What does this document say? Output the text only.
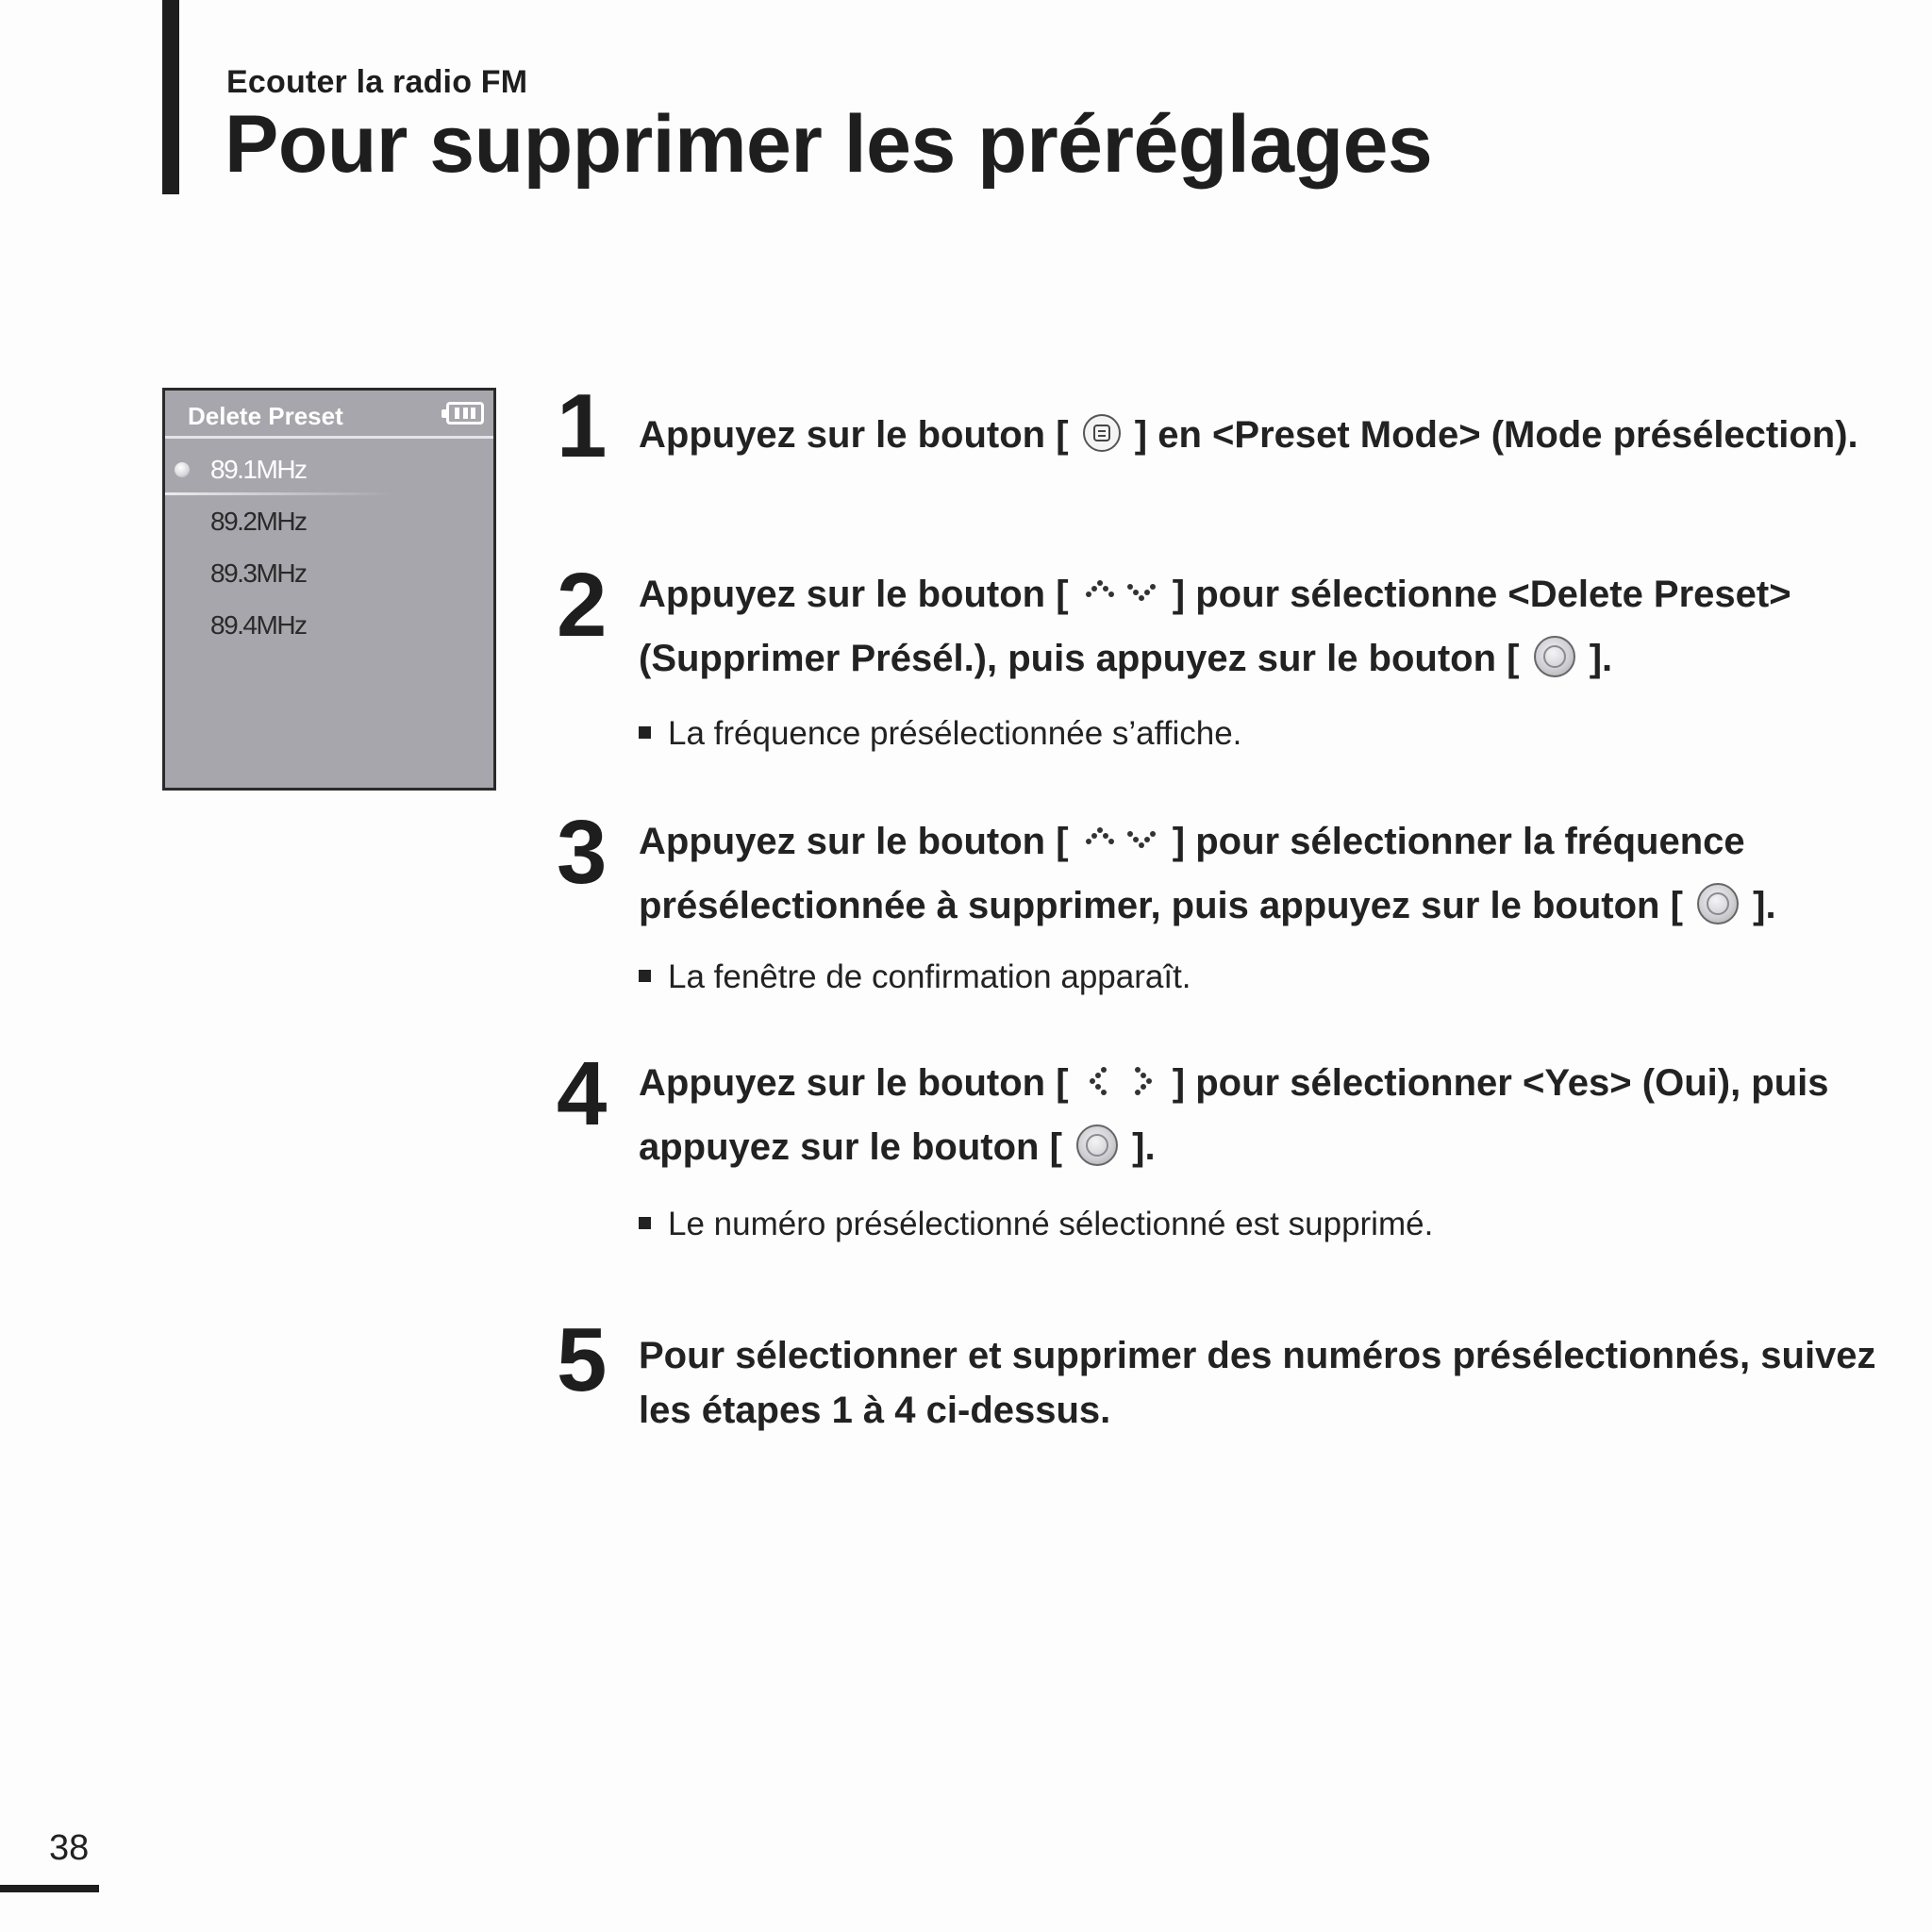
Ecouter la radio FM
Pour supprimer les préréglages
Delete Preset
89.1MHz
89.2MHz
89.3MHz
89.4MHz
1 Appuyez sur le bouton [ ] en <Preset Mode> (Mode présélection).

2 Appuyez sur le bouton [	] pour sélectionne <Delete Preset> (Supprimer Présél.), puis appuyez sur le bouton [ ].

La fréquence présélectionnée s’affiche.
3 Appuyez sur le bouton [	] pour sélectionner la fréquence présélectionnée à supprimer, puis appuyez sur le bouton [ ].

La fenêtre de confirmation apparaît.
4 Appuyez sur le bouton [	] pour sélectionner <Yes> (Oui), puis appuyez sur le bouton [ ].

Le numéro présélectionné sélectionné est supprimé.
5 Pour sélectionner et supprimer des numéros présélectionnés, suivez les étapes 1 à 4 ci-dessus.

38
